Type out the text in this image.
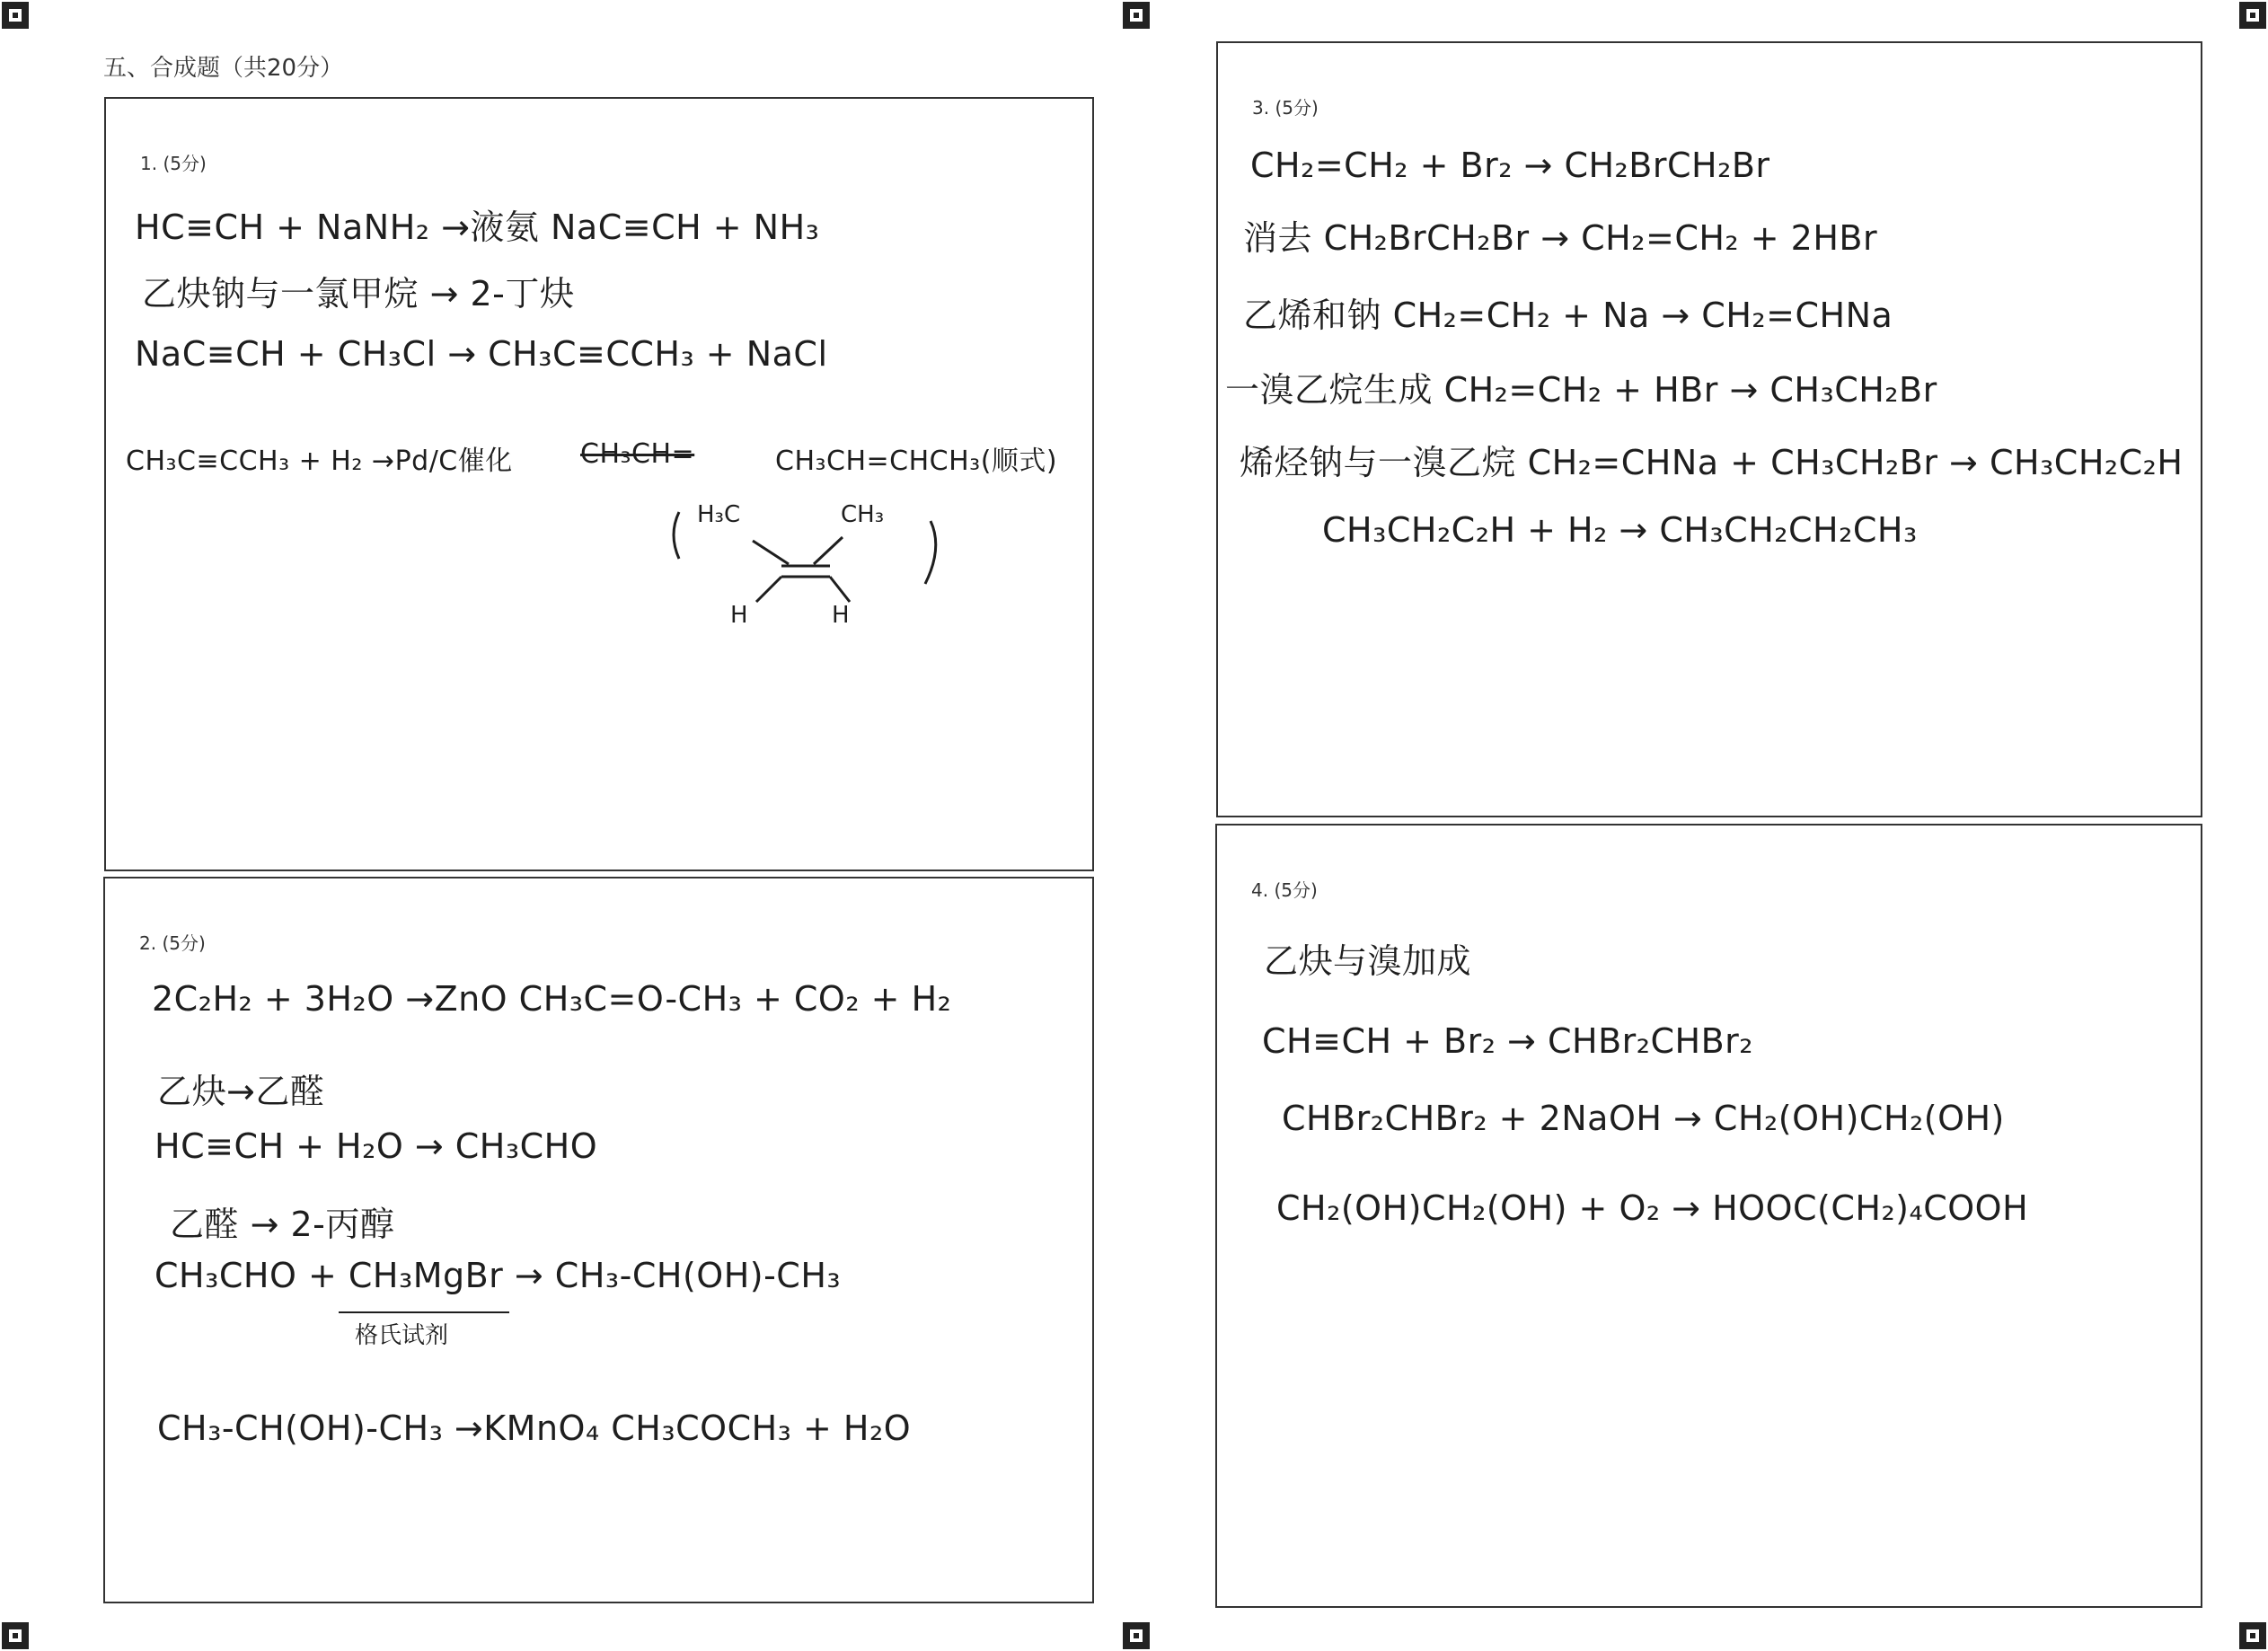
五、合成题（共20分）
1. (5分)
HC≡CH + NaNH₂ →液氨 NaC≡CH + NH₃
乙炔钠与一氯甲烷 → 2-丁炔
NaC≡CH + CH₃Cl → CH₃C≡CCH₃ + NaCl
CH₃C≡CCH₃ + H₂ →Pd/C催化	CH₃CH=	CH₃CH=CHCH₃(顺式)
H₃C	CH₃
H	H
2. (5分)
2C₂H₂ + 3H₂O →ZnO CH₃C=O-CH₃ + CO₂ + H₂
乙炔→乙醛
HC≡CH + H₂O → CH₃CHO
乙醛 → 2-丙醇
CH₃CHO + CH₃MgBr → CH₃-CH(OH)-CH₃
格氏试剂
CH₃-CH(OH)-CH₃ →KMnO₄ CH₃COCH₃ + H₂O
3. (5分)
CH₂=CH₂ + Br₂ → CH₂BrCH₂Br
消去 CH₂BrCH₂Br → CH₂=CH₂ + 2HBr
乙烯和钠 CH₂=CH₂ + Na → CH₂=CHNa
一溴乙烷生成 CH₂=CH₂ + HBr → CH₃CH₂Br
烯烃钠与一溴乙烷 CH₂=CHNa + CH₃CH₂Br → CH₃CH₂C₂H
CH₃CH₂C₂H + H₂ → CH₃CH₂CH₂CH₃
4. (5分)
乙炔与溴加成
CH≡CH + Br₂ → CHBr₂CHBr₂
CHBr₂CHBr₂ + 2NaOH → CH₂(OH)CH₂(OH)
CH₂(OH)CH₂(OH) + O₂ → HOOC(CH₂)₄COOH
